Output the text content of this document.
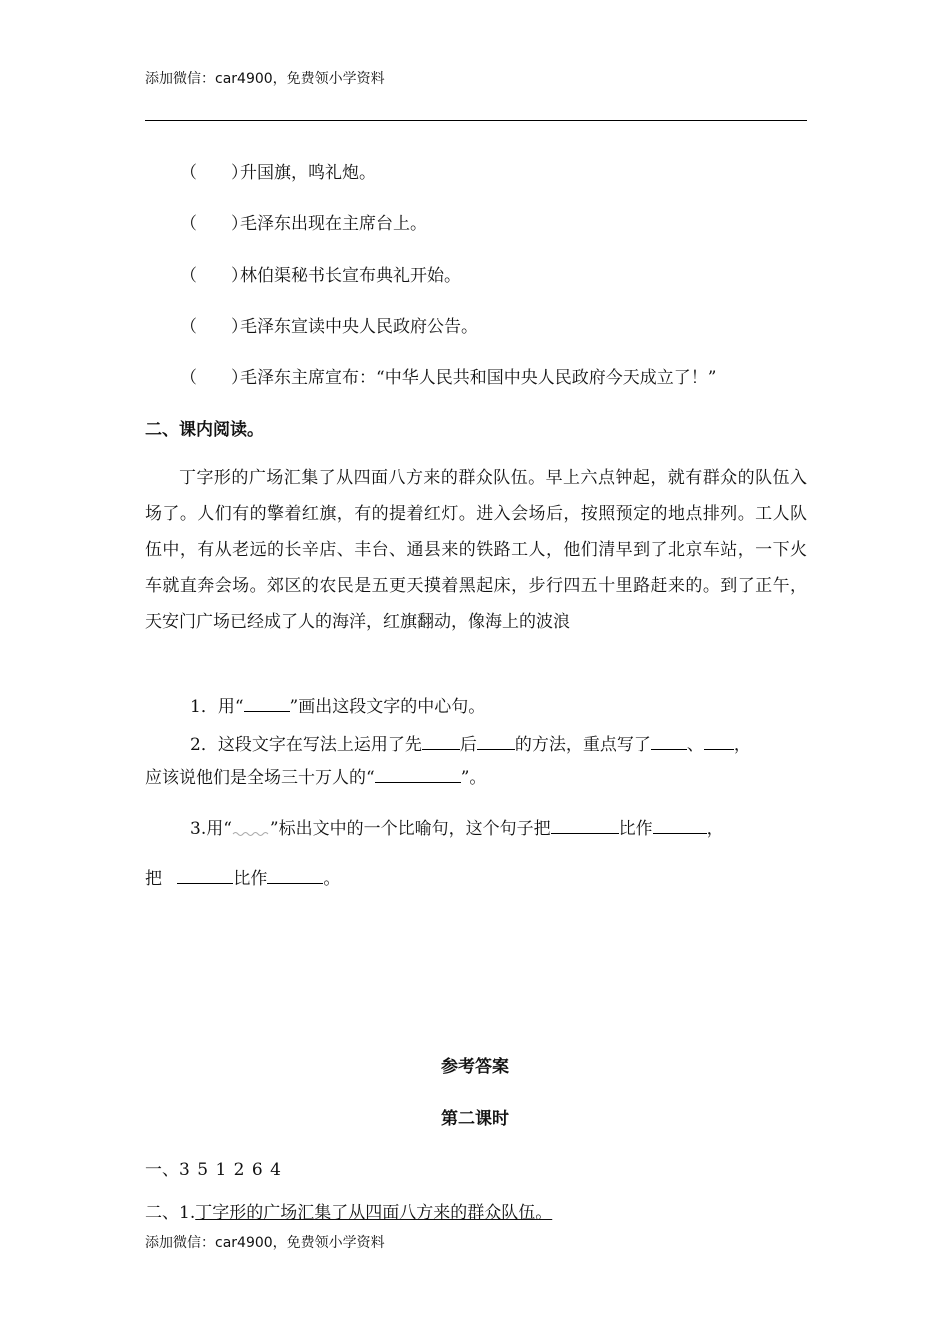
添加微信：car4900，免费领小学资料
（　　）升国旗，鸣礼炮。
（　　）毛泽东出现在主席台上。
（　　）林伯渠秘书长宣布典礼开始。
（　　）毛泽东宣读中央人民政府公告。
（　　）毛泽东主席宣布：“中华人民共和国中央人民政府今天成立了！”
二、课内阅读。

丁字形的广场汇集了从四面八方来的群众队伍。早上六点钟起，就有群众的队伍入场了。人们有的擎着红旗，有的提着红灯。进入会场后，按照预定的地点排列。工人队伍中，有从老远的长辛店、丰台、通县来的铁路工人，他们清早到了北京车站，一下火车就直奔会场。郊区的农民是五更天摸着黑起床，步行四五十里路赶来的。到了正午，天安门广场已经成了人的海洋，红旗翻动，像海上的波浪

1．用“	”画出这段文字的中心句。
2．这段文字在写法上运用了先 后 的方法，重点写了 、 ，
应该说他们是全场三十万人的“	”。
3.用“ ”标出文中的一个比喻句，这个句子把	比作	，
把	比作	。
参考答案
第二课时
一、3 5 1 2 6 4
二、1.丁字形的广场汇集了从四面八方来的群众队伍。
添加微信：car4900，免费领小学资料
